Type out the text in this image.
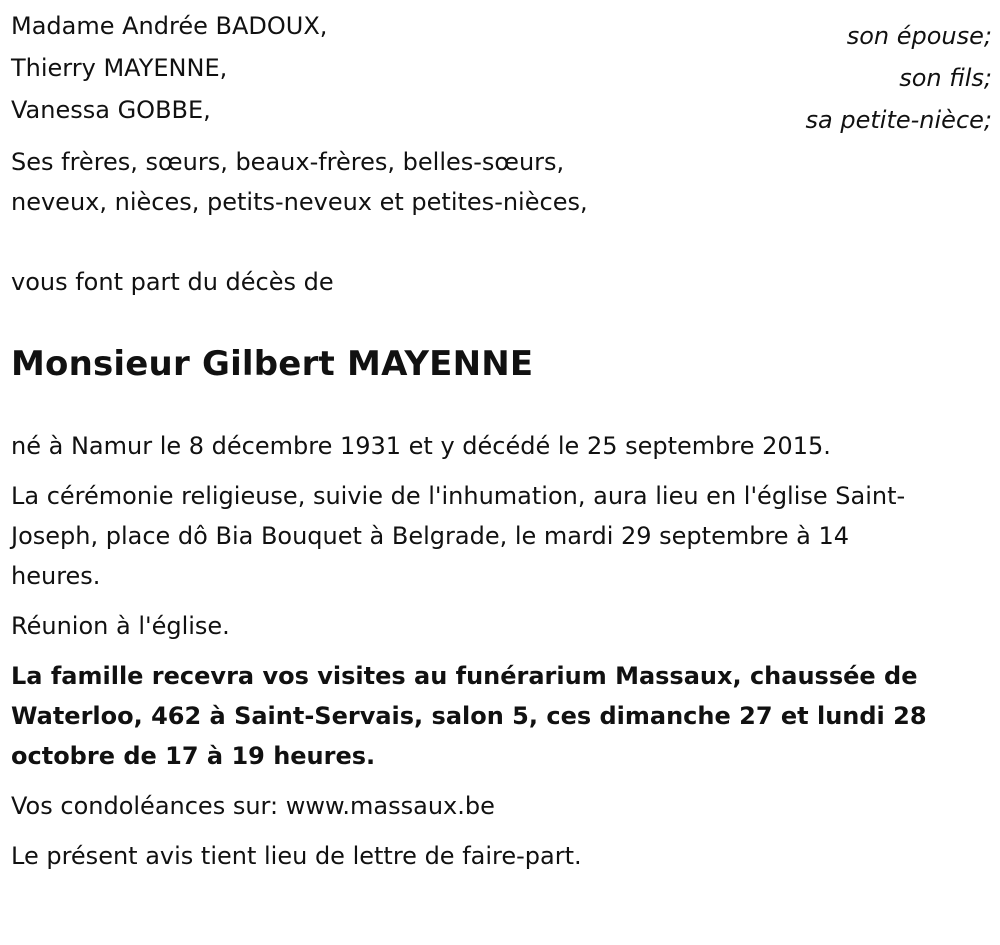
Madame Andrée BADOUX,	son épouse;
Thierry MAYENNE,	son fils;
Vanessa GOBBE,	sa petite-nièce;
Ses frères, sœurs, beaux-frères, belles-sœurs,
neveux, nièces, petits-neveux et petites-nièces,
vous font part du décès de
Monsieur Gilbert MAYENNE
né à Namur le 8 décembre 1931 et y décédé le 25 septembre 2015.
La cérémonie religieuse, suivie de l'inhumation, aura lieu en l'église Saint-
Joseph, place dô Bia Bouquet à Belgrade, le mardi 29 septembre à 14
heures.
Réunion à l'église.
La famille recevra vos visites au funérarium Massaux, chaussée de
Waterloo, 462 à Saint-Servais, salon 5, ces dimanche 27 et lundi 28
octobre de 17 à 19 heures.
Vos condoléances sur: www.massaux.be
Le présent avis tient lieu de lettre de faire-part.
